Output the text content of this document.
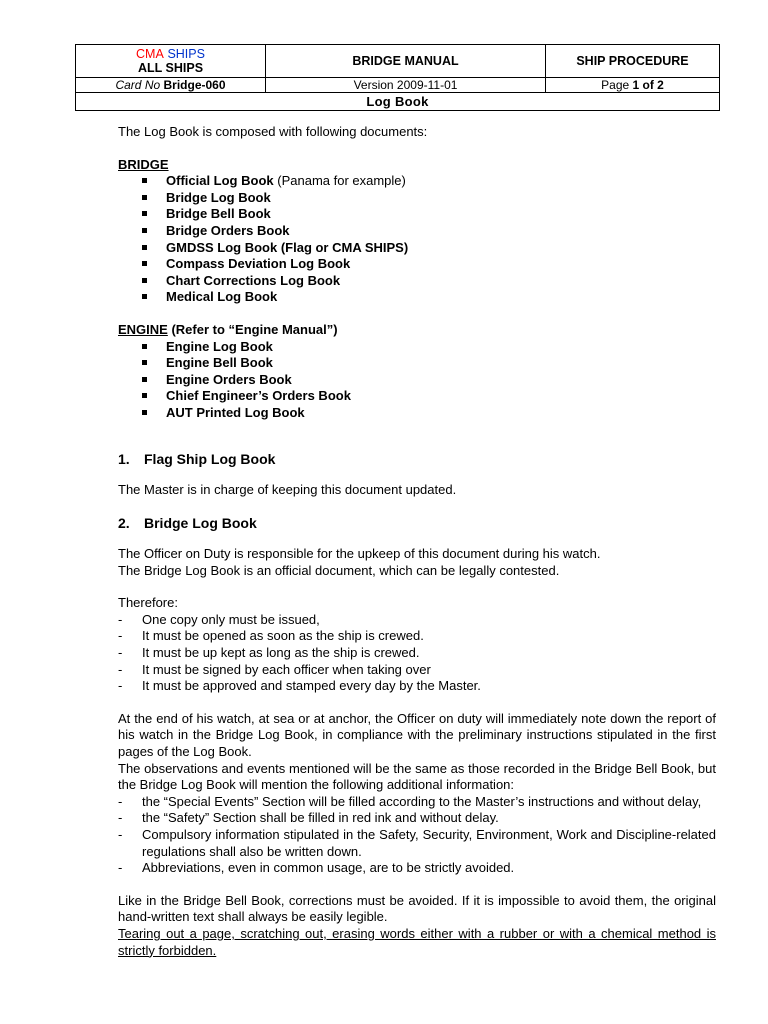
CMA SHIPS
ALL SHIPS	BRIDGE MANUAL	SHIP PROCEDURE
Card No Bridge-060	Version 2009-11-01	Page 1 of 2
Log Book		

The Log Book is composed with following documents:

BRIDGE

Official Log Book (Panama for example)
Bridge Log Book
Bridge Bell Book
Bridge Orders Book
GMDSS Log Book (Flag or CMA SHIPS)
Compass Deviation Log Book
Chart Corrections Log Book
Medical Log Book

ENGINE (Refer to “Engine Manual”)

Engine Log Book
Engine Bell Book
Engine Orders Book
Chief Engineer’s Orders Book
AUT Printed Log Book
1. Flag Ship Log Book

The Master is in charge of keeping this document updated.

2. Bridge Log Book

The Officer on Duty is responsible for the upkeep of this document during his watch.

The Bridge Log Book is an official document, which can be legally contested.

Therefore:

- One copy only must be issued,
- It must be opened as soon as the ship is crewed.
- It must be up kept as long as the ship is crewed.
- It must be signed by each officer when taking over
- It must be approved and stamped every day by the Master.

At the end of his watch, at sea or at anchor, the Officer on duty will immediately note down the report of his watch in the Bridge Log Book, in compliance with the preliminary instructions stipulated in the first pages of the Log Book.

The observations and events mentioned will be the same as those recorded in the Bridge Bell Book, but the Bridge Log Book will mention the following additional information:

- the “Special Events” Section will be filled according to the Master’s instructions and without delay,
- the “Safety” Section shall be filled in red ink and without delay.
- Compulsory information stipulated in the Safety, Security, Environment, Work and Discipline-related regulations shall also be written down.
- Abbreviations, even in common usage, are to be strictly avoided.

Like in the Bridge Bell Book, corrections must be avoided. If it is impossible to avoid them, the original hand-written text shall always be easily legible.

Tearing out a page, scratching out, erasing words either with a rubber or with a chemical method is strictly forbidden.
